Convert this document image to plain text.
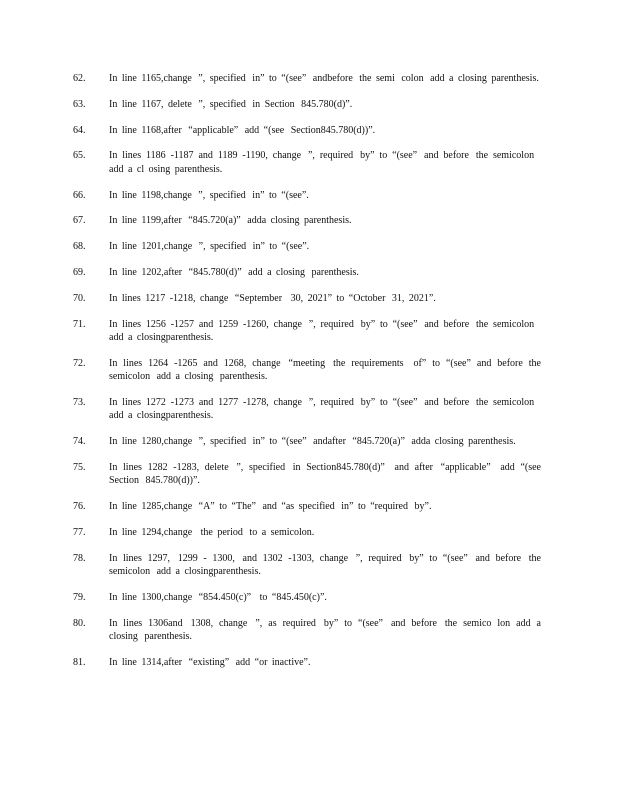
62.	In line 1165,change  ”, specified  in” to “(see”  andbefore  the semi  colon  add a closing parenthesis.
63.	In line 1167, delete  ”, specified  in Section  845.780(d)”.
64.	In line 1168,after  “applicable”  add “(see  Section845.780(d))”.
65.	In lines 1186 -1187 and 1189 -1190, change  ”, required  by” to “(see”  and before  the semicolon  add a cl osing parenthesis.
66.	In line 1198,change  ”, specified  in” to “(see”.
67.	In line 1199,after  “845.720(a)”  adda closing parenthesis.
68.	In line 1201,change  ”, specified  in” to “(see”.
69.	In line 1202,after  “845.780(d)”  add a closing  parenthesis.
70.	In lines 1217 -1218, change  “September   30, 2021” to “October  31, 2021”.
71.	In lines 1256 -1257 and 1259 -1260, change  ”, required  by” to “(see”  and before  the semicolon  add a closingparenthesis.
72.	In lines 1264 -1265 and 1268, change  “meeting  the requirements   of” to “(see” and before the semicolon  add a closing  parenthesis.
73.	In lines 1272 -1273 and 1277 -1278, change  ”, required  by” to “(see”  and before  the semicolon  add a closingparenthesis.
74.	In line 1280,change  ”, specified  in” to “(see”  andafter  “845.720(a)”  adda closing parenthesis.
75.	In lines 1282 -1283, delete  ”, specified  in Section845.780(d)”   and after  “applicable”   add “(see Section  845.780(d))”.
76.	In line 1285,change  “A” to “The”  and “as specified  in” to “required  by”.
77.	In line 1294,change   the period  to a semicolon.
78.	In lines 1297,  1299 - 1300,  and 1302 -1303, change  ”, required  by” to “(see”  and before  the semicolon  add a closingparenthesis.
79.	In line 1300,change  “854.450(c)”   to “845.450(c)”.
80.	In lines 1306and  1308, change  ”, as required  by” to “(see”  and before  the semico lon add a closing  parenthesis.
81.	In line 1314,after  “existing”  add “or inactive”.
